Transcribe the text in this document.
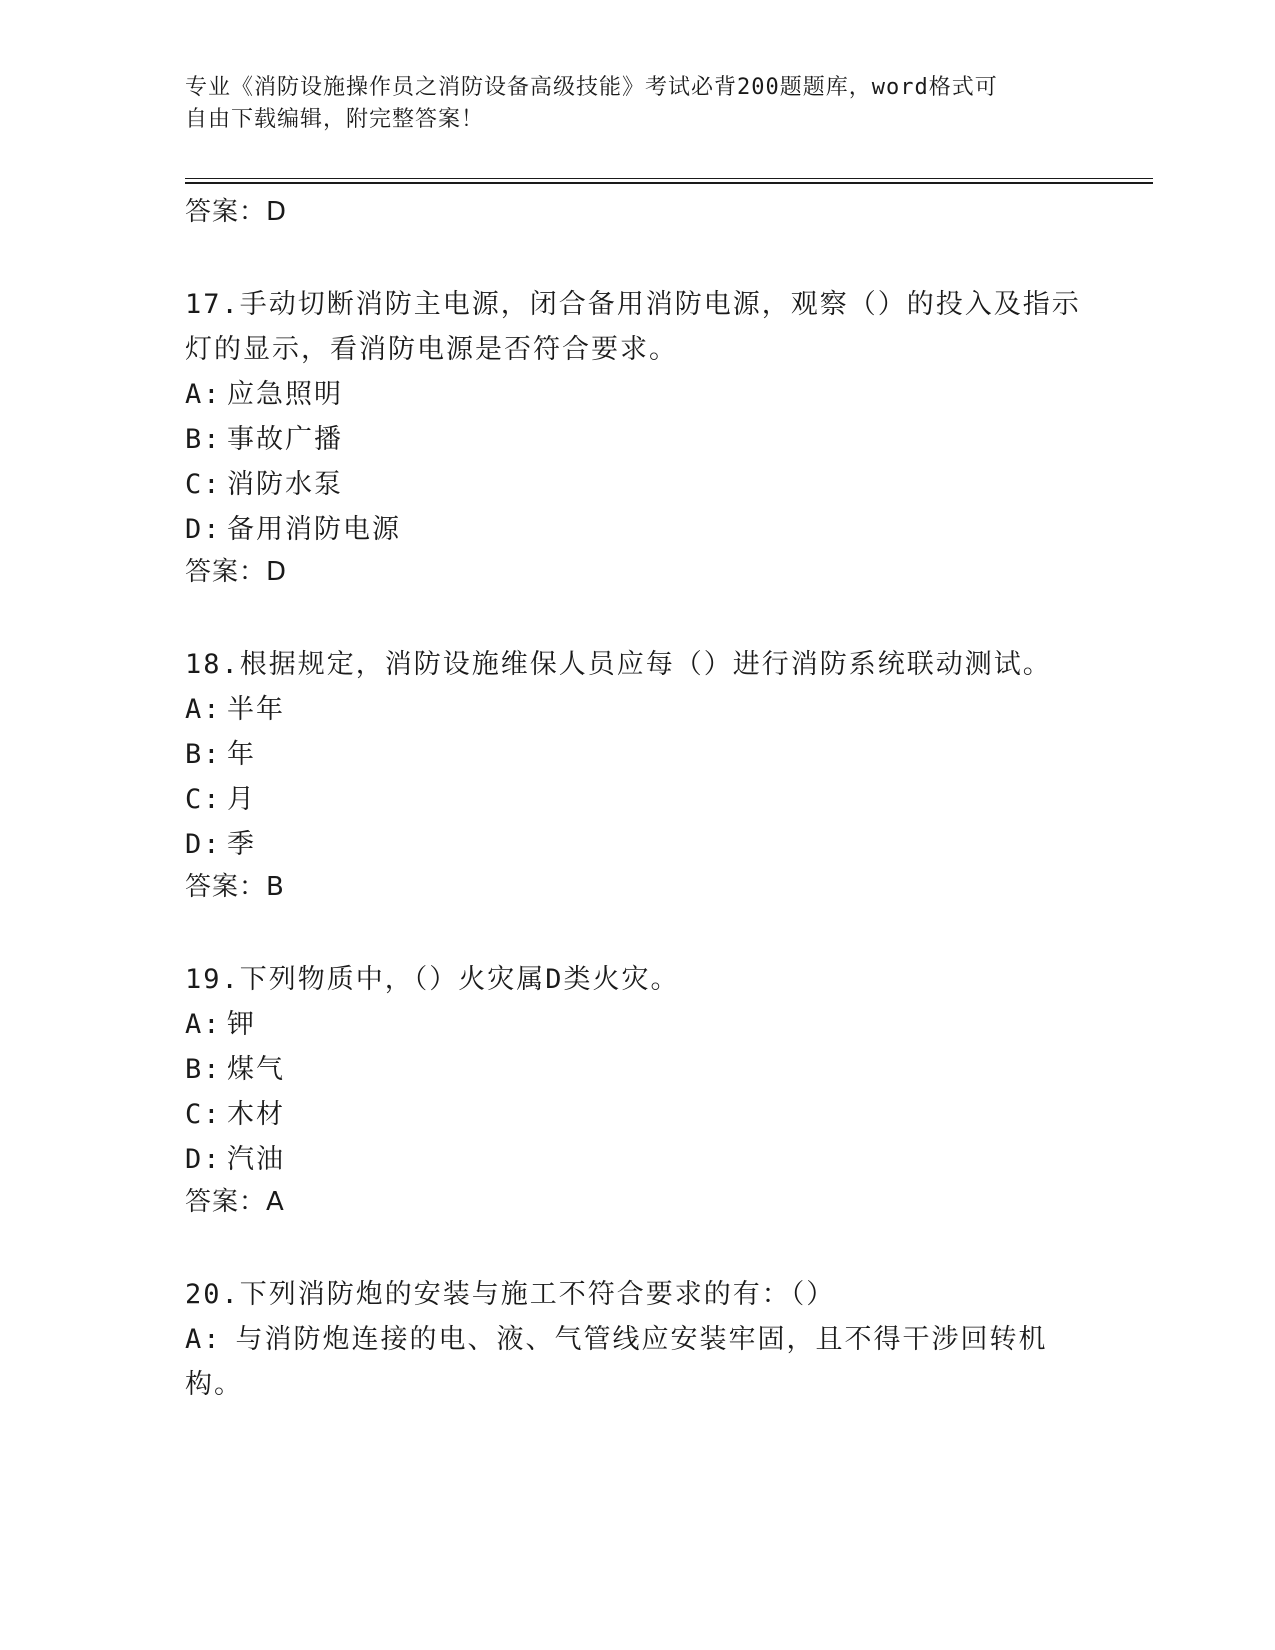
专业《消防设施操作员之消防设备高级技能》考试必背200题题库，word格式可
自由下载编辑，附完整答案！

答案：D

17.手动切断消防主电源，闭合备用消防电源，观察（）的投入及指示灯的显示，看消防电源是否符合要求。

A: 应急照明

B: 事故广播

C: 消防水泵

D: 备用消防电源

答案：D

18.根据规定，消防设施维保人员应每（）进行消防系统联动测试。

A: 半年

B: 年

C: 月

D: 季

答案：B

19.下列物质中，（）火灾属D类火灾。

A: 钾

B: 煤气

C: 木材

D: 汽油

答案：A

20.下列消防炮的安装与施工不符合要求的有：（）

A: 与消防炮连接的电、液、气管线应安装牢固，且不得干涉回转机构。
